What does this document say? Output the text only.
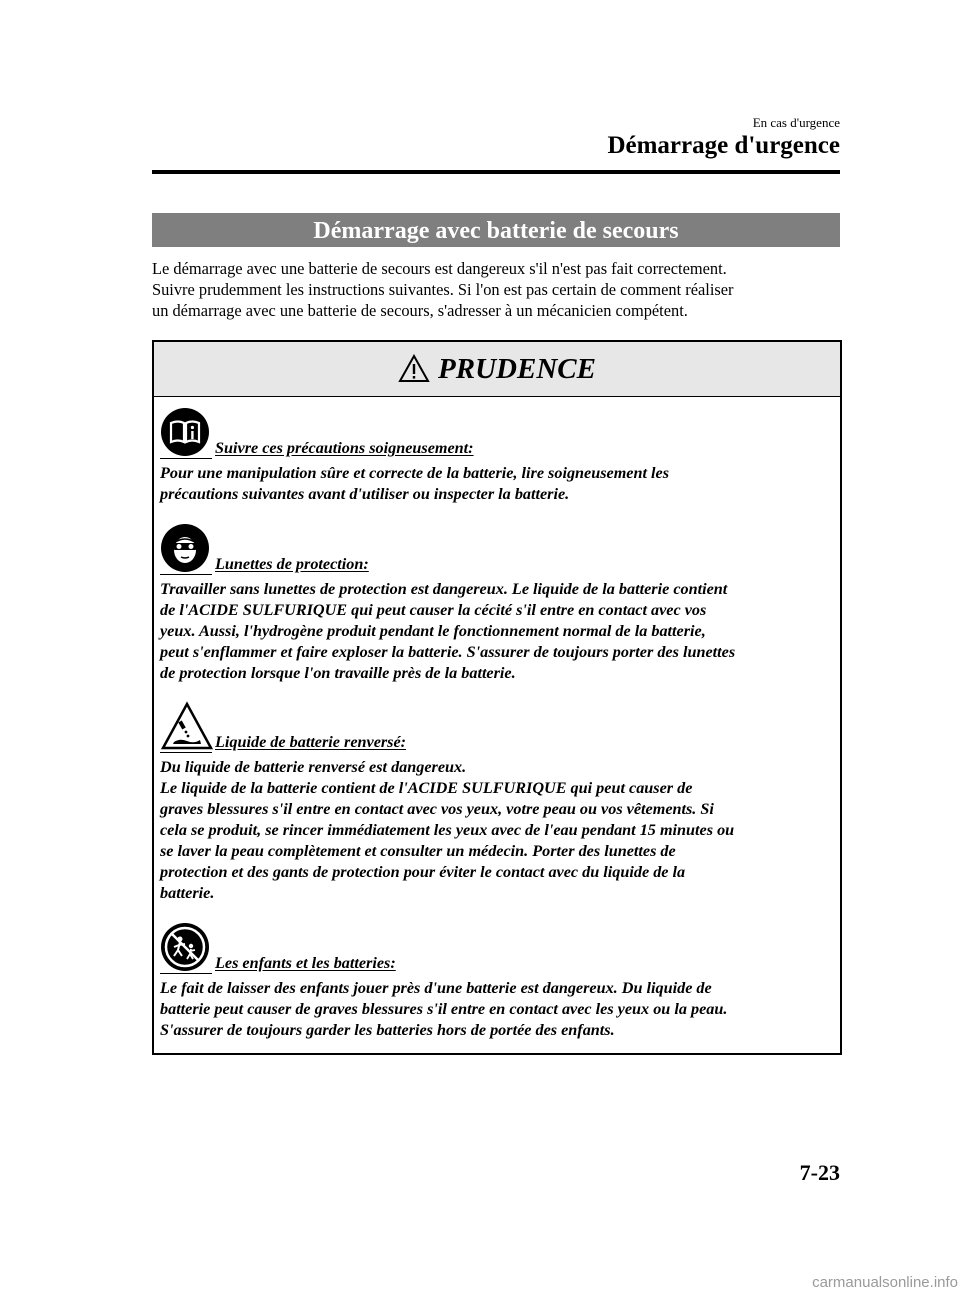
En cas d'urgence
Démarrage d'urgence
Démarrage avec batterie de secours
Le démarrage avec une batterie de secours est dangereux s'il n'est pas fait correctement.
Suivre prudemment les instructions suivantes. Si l'on est pas certain de comment réaliser
un démarrage avec une batterie de secours, s'adresser à un mécanicien compétent.
PRUDENCE
Suivre ces précautions soigneusement:
Pour une manipulation sûre et correcte de la batterie, lire soigneusement les
précautions suivantes avant d'utiliser ou inspecter la batterie.
Lunettes de protection:
Travailler sans lunettes de protection est dangereux. Le liquide de la batterie contient
de l'ACIDE SULFURIQUE qui peut causer la cécité s'il entre en contact avec vos
yeux. Aussi, l'hydrogène produit pendant le fonctionnement normal de la batterie,
peut s'enflammer et faire exploser la batterie. S'assurer de toujours porter des lunettes
de protection lorsque l'on travaille près de la batterie.
Liquide de batterie renversé:
Du liquide de batterie renversé est dangereux.
Le liquide de la batterie contient de l'ACIDE SULFURIQUE qui peut causer de
graves blessures s'il entre en contact avec vos yeux, votre peau ou vos vêtements. Si
cela se produit, se rincer immédiatement les yeux avec de l'eau pendant 15 minutes ou
se laver la peau complètement et consulter un médecin. Porter des lunettes de
protection et des gants de protection pour éviter le contact avec du liquide de la
batterie.
Les enfants et les batteries:
Le fait de laisser des enfants jouer près d'une batterie est dangereux. Du liquide de
batterie peut causer de graves blessures s'il entre en contact avec les yeux ou la peau.
S'assurer de toujours garder les batteries hors de portée des enfants.
7-23
carmanualsonline.info
